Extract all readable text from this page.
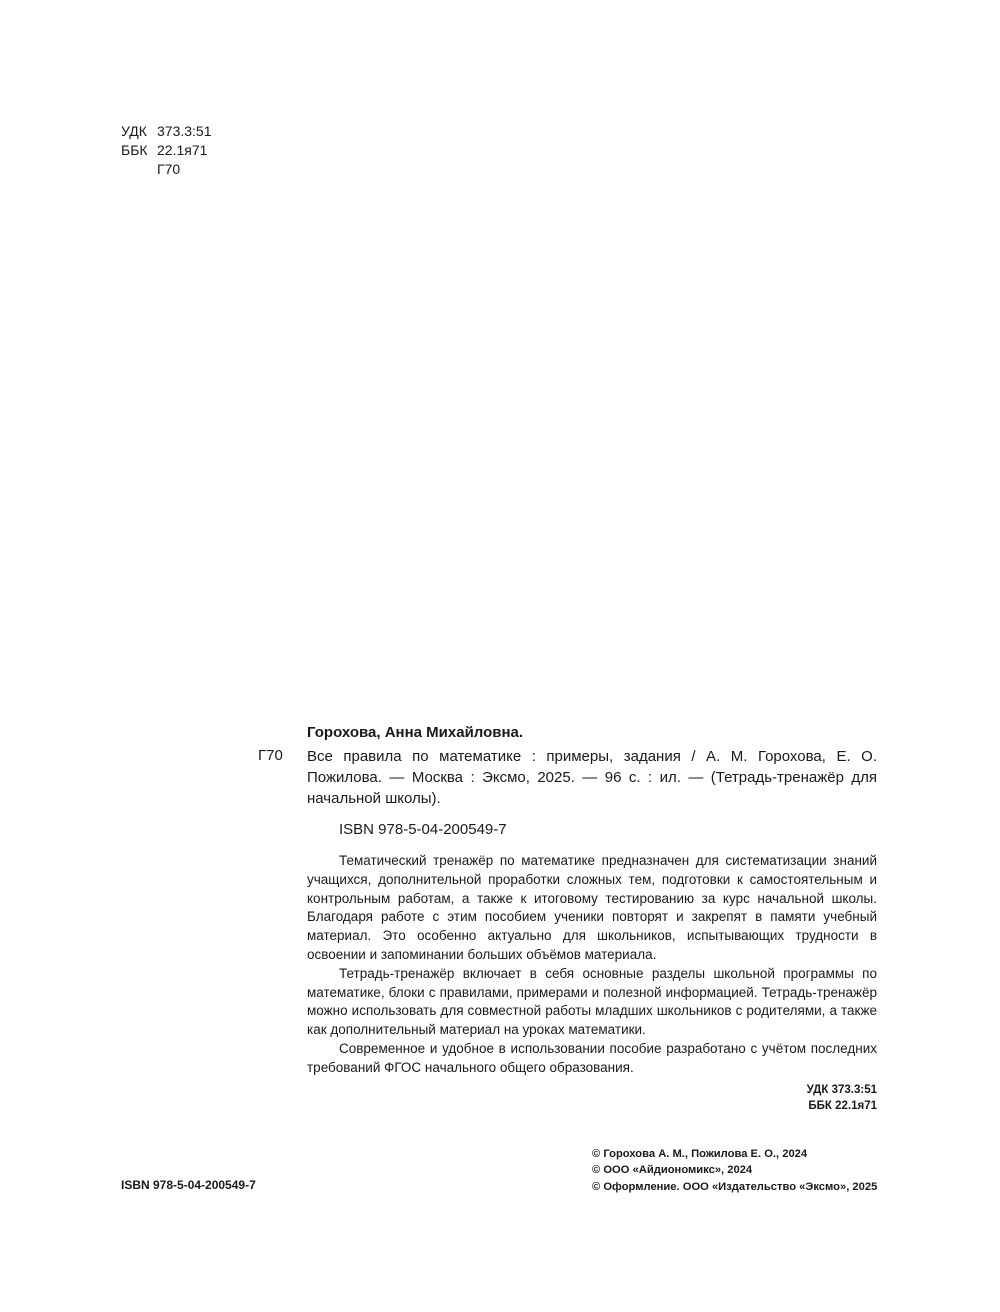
УДК 373.3:51
ББК 22.1я71
Г70
Г70

Горохова, Анна Михайловна.

Все правила по математике : примеры, задания / А. М. Горохова, Е. О. Пожилова. — Москва : Эксмо, 2025. — 96 с. : ил. — (Тетрадь-тренажёр для начальной школы).

ISBN 978-5-04-200549-7

Тематический тренажёр по математике предназначен для систематизации знаний учащихся, дополнительной проработки сложных тем, подготовки к самостоятельным и контрольным работам, а также к итоговому тестированию за курс начальной школы. Благодаря работе с этим пособием ученики повторят и закрепят в памяти учебный материал. Это особенно актуально для школьников, испытывающих трудности в освоении и запоминании больших объёмов материала.

Тетрадь-тренажёр включает в себя основные разделы школьной программы по математике, блоки с правилами, примерами и полезной информацией. Тетрадь-тренажёр можно использовать для совместной работы младших школьников с родителями, а также как дополнительный материал на уроках математики.

Современное и удобное в использовании пособие разработано с учётом последних требований ФГОС начального общего образования.

УДК 373.3:51
ББК 22.1я71
ISBN 978-5-04-200549-7
© Горохова А. М., Пожилова Е. О., 2024
© ООО «Айдиономикс», 2024
© Оформление. ООО «Издательство «Эксмо», 2025
